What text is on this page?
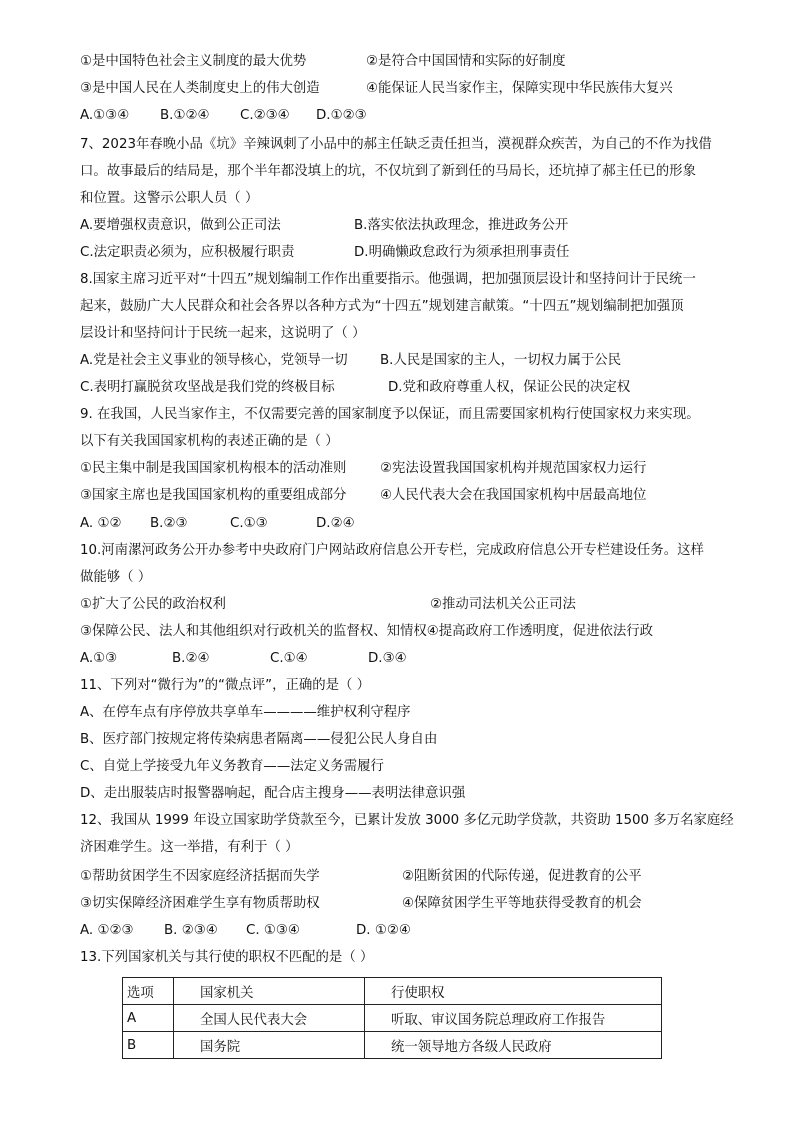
①是中国特色社会主义制度的最大优势	②是符合中国国情和实际的好制度
③是中国人民在人类制度史上的伟大创造	④能保证人民当家作主，保障实现中华民族伟大复兴
A.①③④ B.①②④ C.②③④ D.①②③
7、2023年春晚小品《坑》辛辣讽刺了小品中的郝主任缺乏责任担当，漠视群众疾苦，为自己的不作为找借
口。故事最后的结局是，那个半年都没填上的坑，不仅坑到了新到任的马局长，还坑掉了郝主任已的形象
和位置。这警示公职人员（ ）
A.要增强权责意识，做到公正司法	B.落实依法执政理念，推进政务公开
C.法定职责必须为，应积极履行职责	D.明确懒政怠政行为须承担刑事责任
8.国家主席习近平对“十四五”规划编制工作作出重要指示。他强调，把加强顶层设计和坚持问计于民统一
起来，鼓励广大人民群众和社会各界以各种方式为“十四五”规划建言献策。“十四五”规划编制把加强顶
层设计和坚持问计于民统一起来，这说明了（ ）
A.党是社会主义事业的领导核心，党领导一切 B.人民是国家的主人，一切权力属于公民
C.表明打赢脱贫攻坚战是我们党的终极目标	D.党和政府尊重人权，保证公民的决定权
9. 在我国，人民当家作主，不仅需要完善的国家制度予以保证，而且需要国家机构行使国家权力来实现。
以下有关我国国家机构的表述正确的是（ ）
①民主集中制是我国国家机构根本的活动准则	②宪法设置我国国家机构并规范国家权力运行
③国家主席也是我国国家机构的重要组成部分	④人民代表大会在我国国家机构中居最高地位
A. ①② B.②③	C.①③	D.②④
10.河南漯河政务公开办参考中央政府门户网站政府信息公开专栏，完成政府信息公开专栏建设任务。这样
做能够（ ）
①扩大了公民的政治权利	②推动司法机关公正司法
③保障公民、法人和其他组织对行政机关的监督权、知情权④提高政府工作透明度，促进依法行政
A.①③	B.②④	C.①④	D.③④
11、下列对“微行为”的“微点评”，正确的是（ ）
A、在停车点有序停放共享单车————维护权利守程序
B、医疗部门按规定将传染病患者隔离——侵犯公民人身自由
C、自觉上学接受九年义务教育——法定义务需履行
D、走出服装店时报警器响起，配合店主搜身——表明法律意识强
12、我国从 1999 年设立国家助学贷款至今，已累计发放 3000 多亿元助学贷款，共资助 1500 多万名家庭经
济困难学生。这一举措，有利于（ ）
①帮助贫困学生不因家庭经济括据而失学	②阻断贫困的代际传递，促进教育的公平
③切实保障经济困难学生享有物质帮助权	④保障贫困学生平等地获得受教育的机会
A. ①②③ B. ②③④ C. ①③④	D. ①②④
13.下列国家机关与其行使的职权不匹配的是（ ）
选项	国家机关	行使职权
A	全国人民代表大会	听取、审议国务院总理政府工作报告
B	国务院	统一领导地方各级人民政府
